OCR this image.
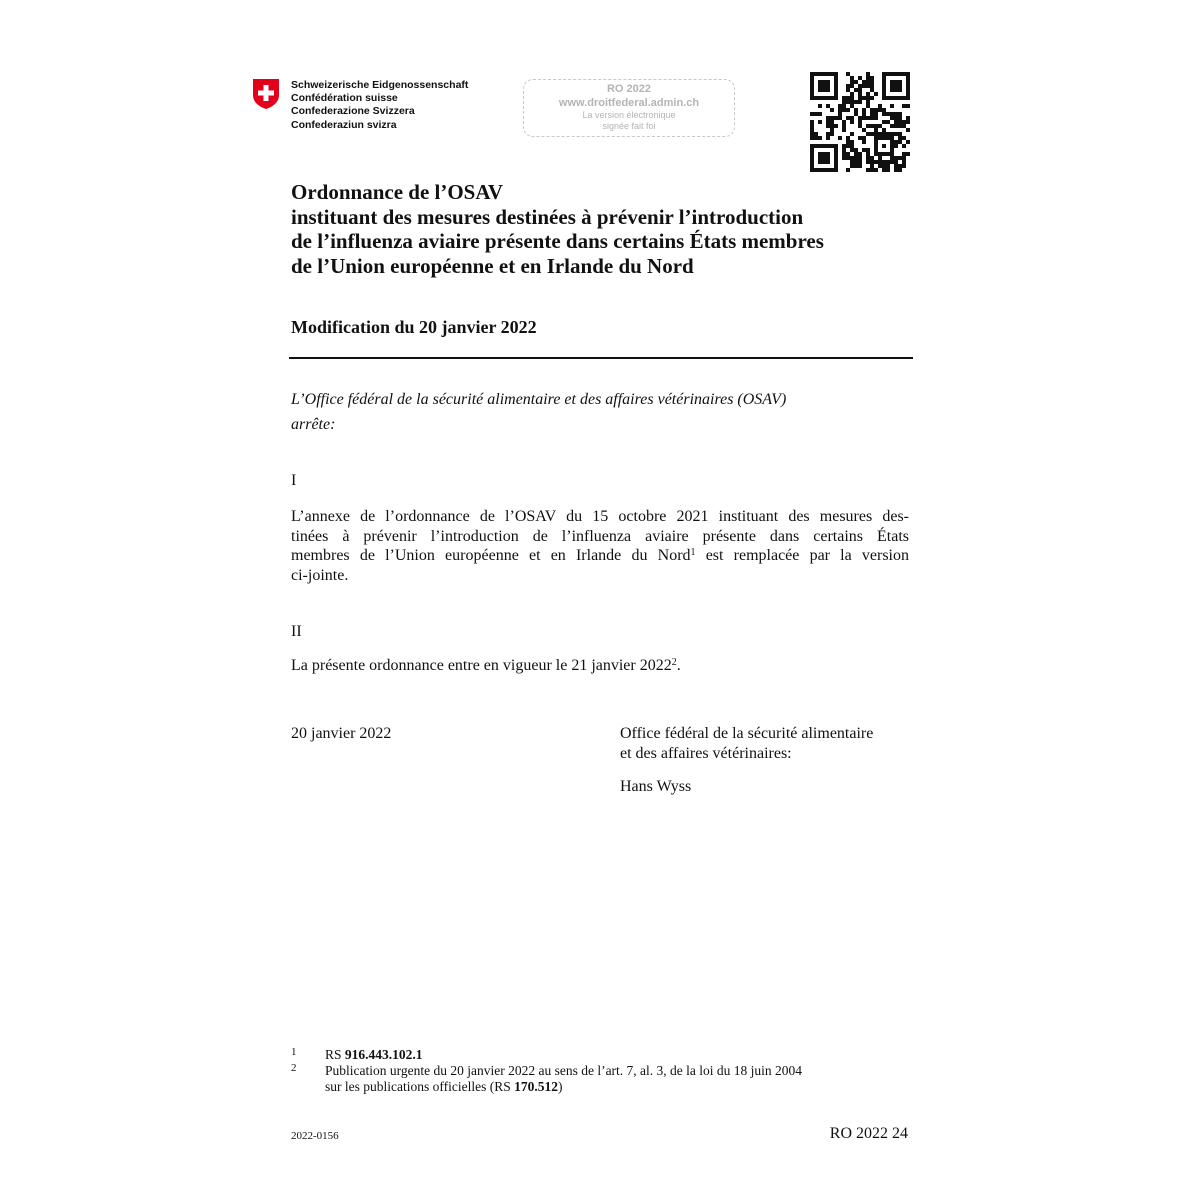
Schweizerische Eidgenossenschaft
Confédération suisse
Confederazione Svizzera
Confederaziun svizra
RO 2022
www.droitfederal.admin.ch
La version électronique
signée fait foi
Ordonnance de l’OSAV
instituant des mesures destinées à prévenir l’introduction
de l’influenza aviaire présente dans certains États membres
de l’Union européenne et en Irlande du Nord
Modification du 20 janvier 2022
L’Office fédéral de la sécurité alimentaire et des affaires vétérinaires (OSAV)
arrête:
I
L’annexe de l’ordonnance de l’OSAV du 15 octobre 2021 instituant des mesures des-
tinées à prévenir l’introduction de l’influenza aviaire présente dans certains États
membres de l’Union européenne et en Irlande du Nord$^1$ est remplacée par la version
ci-jointe.
II
La présente ordonnance entre en vigueur le 21 janvier 2022$^2$.
20 janvier 2022	Office fédéral de la sécurité alimentaire
et des affaires vétérinaires:
Hans Wyss
1 RS 916.443.102.1
2 Publication urgente du 20 janvier 2022 au sens de l’art. 7, al. 3, de la loi du 18 juin 2004
sur les publications officielles (RS 170.512)
2022-0156	RO 2022 24
